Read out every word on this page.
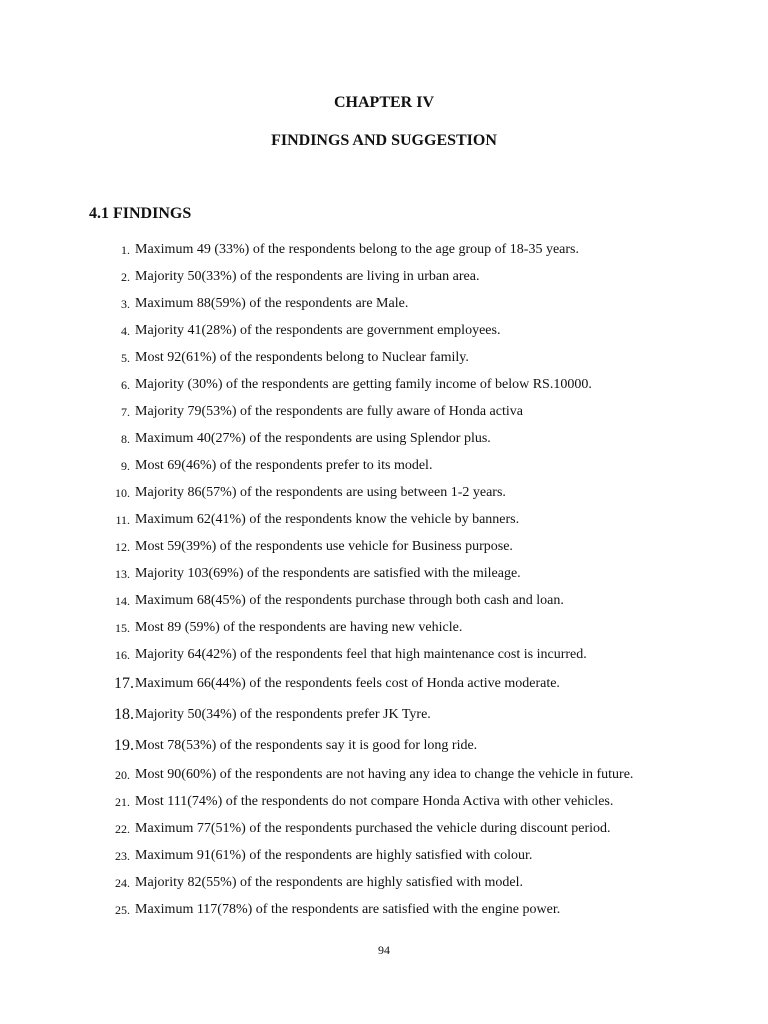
CHAPTER IV
FINDINGS AND SUGGESTION
4.1 FINDINGS
1. Maximum 49 (33%) of the respondents belong to the age group of 18-35 years.
2. Majority 50(33%) of the respondents are living in urban area.
3. Maximum 88(59%) of the respondents are Male.
4. Majority 41(28%) of the respondents are government employees.
5. Most 92(61%) of the respondents belong to Nuclear family.
6. Majority (30%) of the respondents are getting family income of below RS.10000.
7. Majority 79(53%) of the respondents are fully aware of Honda activa
8. Maximum 40(27%) of the respondents are using Splendor plus.
9. Most 69(46%) of the respondents prefer to its model.
10. Majority 86(57%) of the respondents are using between 1-2 years.
11. Maximum 62(41%) of the respondents know the vehicle by banners.
12. Most 59(39%) of the respondents use vehicle for Business purpose.
13. Majority 103(69%) of the respondents are satisfied with the mileage.
14. Maximum 68(45%) of the respondents purchase through both cash and loan.
15. Most 89 (59%) of the respondents are having new vehicle.
16. Majority 64(42%) of the respondents feel that high maintenance cost is incurred.
17. Maximum 66(44%) of the respondents feels cost of Honda active moderate.
18. Majority 50(34%) of the respondents prefer JK Tyre.
19. Most 78(53%) of the respondents say it is good for long ride.
20. Most 90(60%) of the respondents are not having any idea to change the vehicle in future.
21. Most 111(74%) of the respondents do not compare Honda Activa with other vehicles.
22. Maximum 77(51%) of the respondents purchased the vehicle during discount period.
23. Maximum 91(61%) of the respondents are highly satisfied with colour.
24. Majority 82(55%) of the respondents are highly satisfied with model.
25. Maximum 117(78%) of the respondents are satisfied with the engine power.
94
